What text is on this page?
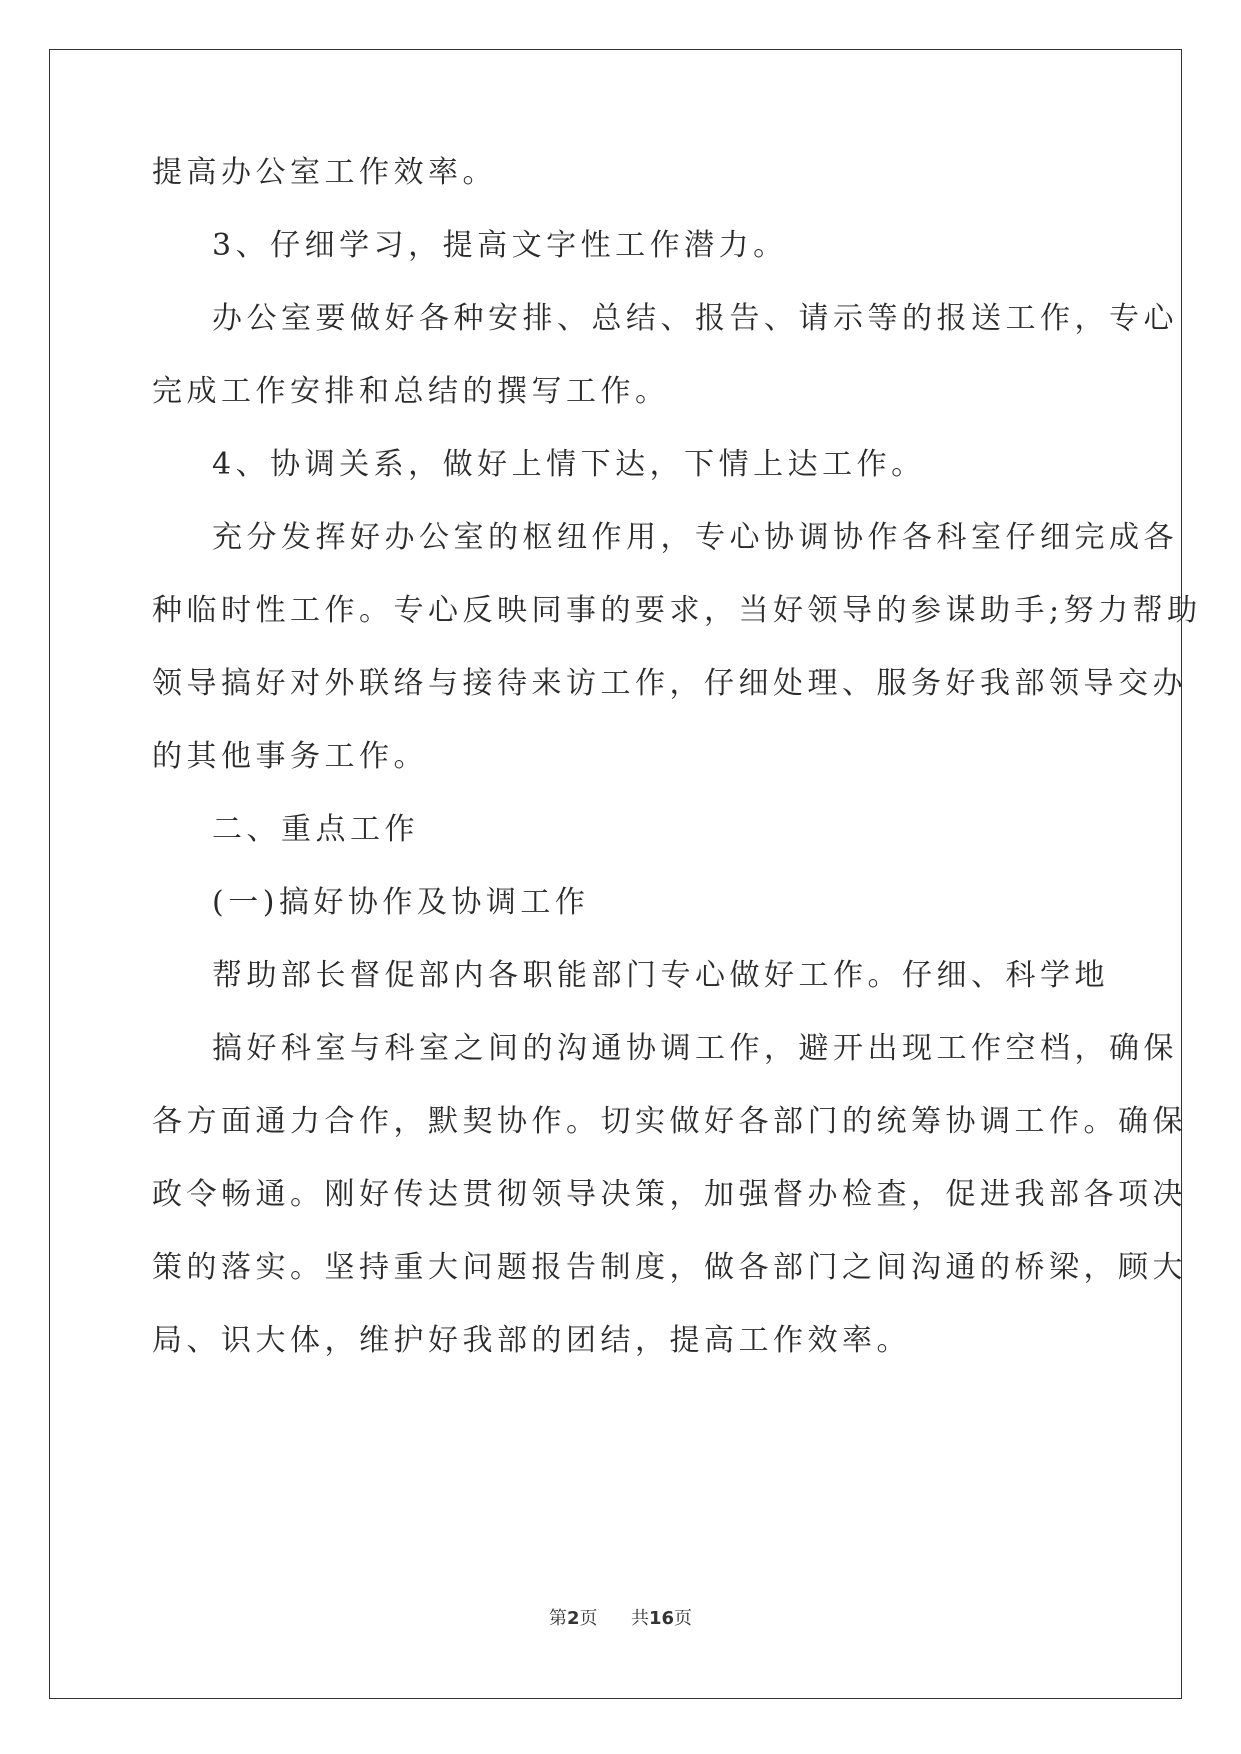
提高办公室工作效率。
3、仔细学习，提高文字性工作潜力。
办公室要做好各种安排、总结、报告、请示等的报送工作，专心
完成工作安排和总结的撰写工作。
4、协调关系，做好上情下达，下情上达工作。
充分发挥好办公室的枢纽作用，专心协调协作各科室仔细完成各
种临时性工作。专心反映同事的要求，当好领导的参谋助手;努力帮助
领导搞好对外联络与接待来访工作，仔细处理、服务好我部领导交办
的其他事务工作。
二、重点工作
(一)搞好协作及协调工作
帮助部长督促部内各职能部门专心做好工作。仔细、科学地
搞好科室与科室之间的沟通协调工作，避开出现工作空档，确保
各方面通力合作，默契协作。切实做好各部门的统筹协调工作。确保
政令畅通。刚好传达贯彻领导决策，加强督办检查，促进我部各项决
策的落实。坚持重大问题报告制度，做各部门之间沟通的桥梁，顾大
局、识大体，维护好我部的团结，提高工作效率。
第2页 共16页
